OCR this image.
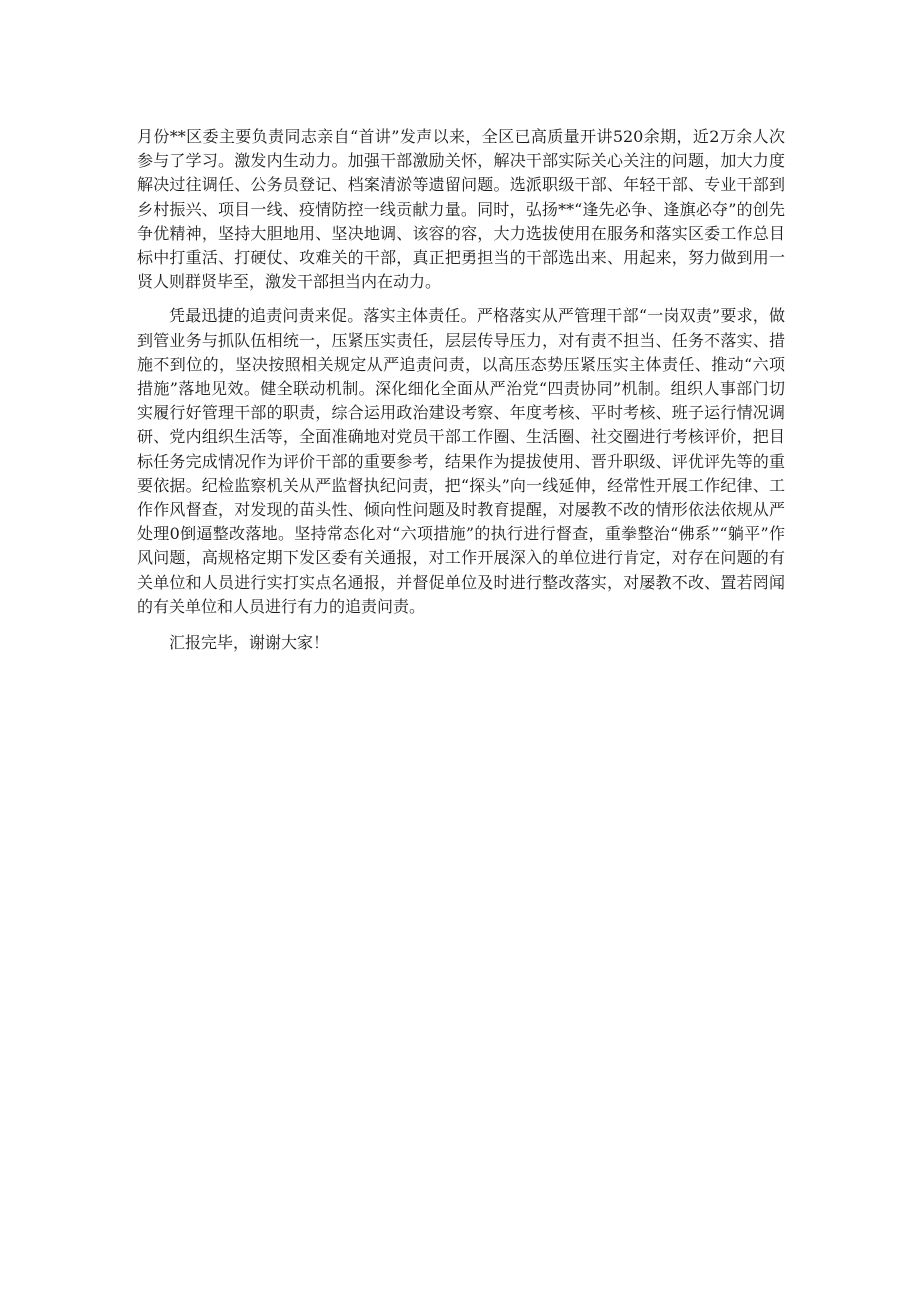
月份**区委主要负责同志亲自“首讲”发声以来，全区已高质量开讲520余期，近2万余人次参与了学习。激发内生动力。加强干部激励关怀，解决干部实际关心关注的问题，加大力度解决过往调任、公务员登记、档案清淤等遗留问题。选派职级干部、年轻干部、专业干部到乡村振兴、项目一线、疫情防控一线贡献力量。同时，弘扬**“逢先必争、逢旗必夺”的创先争优精神，坚持大胆地用、坚决地调、该容的容，大力选拔使用在服务和落实区委工作总目标中打重活、打硬仗、攻难关的干部，真正把勇担当的干部选出来、用起来，努力做到用一贤人则群贤毕至，激发干部担当内在动力。

凭最迅捷的追责问责来促。落实主体责任。严格落实从严管理干部“一岗双责”要求，做到管业务与抓队伍相统一，压紧压实责任，层层传导压力，对有责不担当、任务不落实、措施不到位的，坚决按照相关规定从严追责问责，以高压态势压紧压实主体责任、推动“六项措施”落地见效。健全联动机制。深化细化全面从严治党“四责协同”机制。组织人事部门切实履行好管理干部的职责，综合运用政治建设考察、年度考核、平时考核、班子运行情况调研、党内组织生活等，全面准确地对党员干部工作圈、生活圈、社交圈进行考核评价，把目标任务完成情况作为评价干部的重要参考，结果作为提拔使用、晋升职级、评优评先等的重要依据。纪检监察机关从严监督执纪问责，把“探头”向一线延伸，经常性开展工作纪律、工作作风督查，对发现的苗头性、倾向性问题及时教育提醒，对屡教不改的情形依法依规从严处理0倒逼整改落地。坚持常态化对“六项措施”的执行进行督查，重拳整治“佛系”“躺平”作风问题，高规格定期下发区委有关通报，对工作开展深入的单位进行肯定，对存在问题的有关单位和人员进行实打实点名通报，并督促单位及时进行整改落实，对屡教不改、置若罔闻的有关单位和人员进行有力的追责问责。

汇报完毕，谢谢大家！
